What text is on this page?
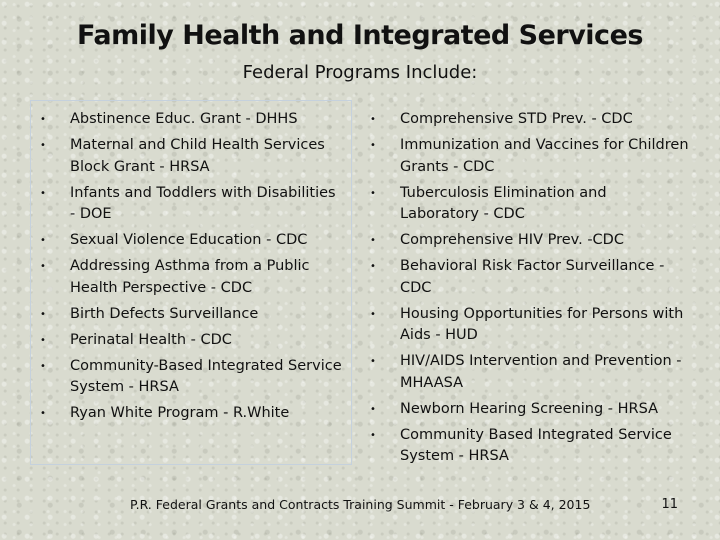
Family Health and Integrated Services

Federal Programs Include:

• Abstinence Educ. Grant - DHHS
• Maternal and Child Health Services Block Grant - HRSA
• Infants and Toddlers with Disabilities - DOE
• Sexual Violence Education - CDC
• Addressing Asthma from a Public Health Perspective - CDC
• Birth Defects Surveillance
• Perinatal Health - CDC
• Community-Based Integrated Service System - HRSA
• Ryan White Program - R.White
• Comprehensive STD Prev. - CDC
• Immunization and Vaccines for Children Grants - CDC
• Tuberculosis Elimination and Laboratory - CDC
• Comprehensive HIV Prev. -CDC
• Behavioral Risk Factor Surveillance - CDC
• Housing Opportunities for Persons with Aids - HUD
• HIV/AIDS Intervention and Prevention - MHAASA
• Newborn Hearing Screening - HRSA
• Community Based Integrated Service System - HRSA
P.R. Federal Grants and Contracts Training Summit - February 3 & 4, 2015	11
